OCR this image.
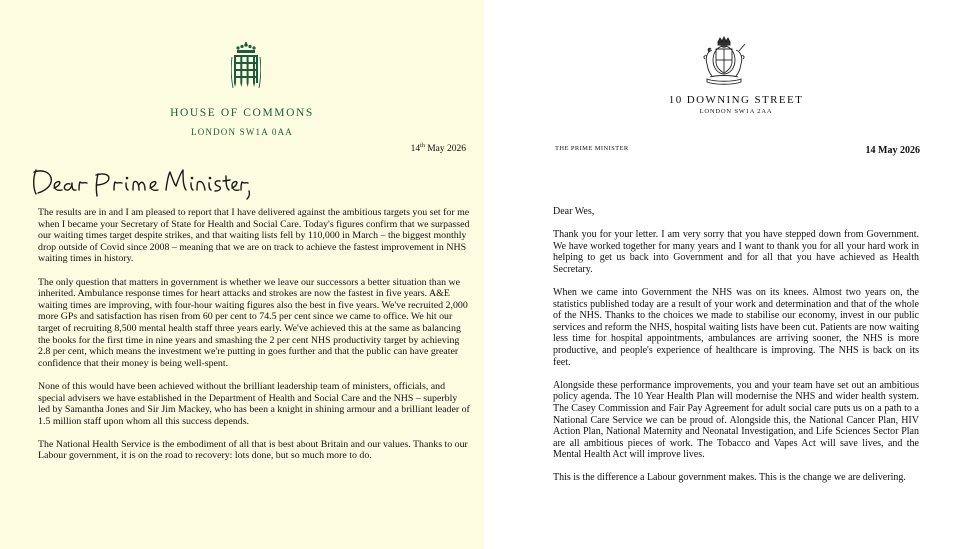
HOUSE OF COMMONS
LONDON SW1A 0AA
14th May 2026

The results are in and I am pleased to report that I have delivered against the ambitious targets you set for me when I became your Secretary of State for Health and Social Care. Today's figures confirm that we surpassed our waiting times target despite strikes, and that waiting lists fell by 110,000 in March – the biggest monthly drop outside of Covid since 2008 – meaning that we are on track to achieve the fastest improvement in NHS waiting times in history.

The only question that matters in government is whether we leave our successors a better situation than we inherited. Ambulance response times for heart attacks and strokes are now the fastest in five years. A&E waiting times are improving, with four-hour waiting figures also the best in five years. We've recruited 2,000 more GPs and satisfaction has risen from 60 per cent to 74.5 per cent since we came to office. We hit our target of recruiting 8,500 mental health staff three years early. We've achieved this at the same as balancing the books for the first time in nine years and smashing the 2 per cent NHS productivity target by achieving 2.8 per cent, which means the investment we're putting in goes further and that the public can have greater confidence that their money is being well-spent.

None of this would have been achieved without the brilliant leadership team of ministers, officials, and special advisers we have established in the Department of Health and Social Care and the NHS – superbly led by Samantha Jones and Sir Jim Mackey, who has been a knight in shining armour and a brilliant leader of 1.5 million staff upon whom all this success depends.

The National Health Service is the embodiment of all that is best about Britain and our values. Thanks to our Labour government, it is on the road to recovery: lots done, but so much more to do.

10 DOWNING STREET
LONDON SW1A 2AA
THE PRIME MINISTER	14 May 2026
Dear Wes,

Thank you for your letter. I am very sorry that you have stepped down from Government. We have worked together for many years and I want to thank you for all your hard work in helping to get us back into Government and for all that you have achieved as Health Secretary.

When we came into Government the NHS was on its knees. Almost two years on, the statistics published today are a result of your work and determination and that of the whole of the NHS. Thanks to the choices we made to stabilise our economy, invest in our public services and reform the NHS, hospital waiting lists have been cut. Patients are now waiting less time for hospital appointments, ambulances are arriving sooner, the NHS is more productive, and people's experience of healthcare is improving. The NHS is back on its feet.

Alongside these performance improvements, you and your team have set out an ambitious policy agenda. The 10 Year Health Plan will modernise the NHS and wider health system. The Casey Commission and Fair Pay Agreement for adult social care puts us on a path to a National Care Service we can be proud of. Alongside this, the National Cancer Plan, HIV Action Plan, National Maternity and Neonatal Investigation, and Life Sciences Sector Plan are all ambitious pieces of work. The Tobacco and Vapes Act will save lives, and the Mental Health Act will improve lives.

This is the difference a Labour government makes. This is the change we are delivering.
